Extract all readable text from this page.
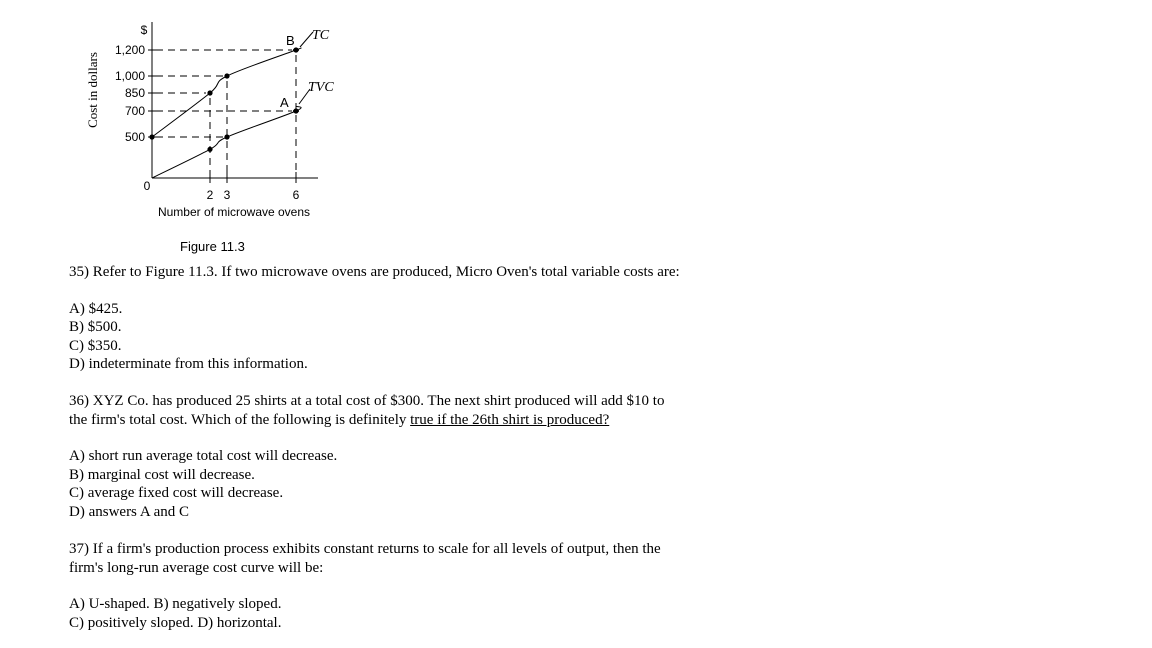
$
Cost in dollars
Number of microwave ovens
500
700
850
1,000
1,200
0
2 3	6
TC
TVC
B
A
Figure 11.3
35) Refer to Figure 11.3. If two microwave ovens are produced, Micro Oven's total variable costs are:
A) $425.
B) $500.
C) $350.
D) indeterminate from this information.
36) XYZ Co. has produced 25 shirts at a total cost of $300. The next shirt produced will add $10 to
the firm's total cost. Which of the following is definitely true if the 26th shirt is produced?
A) short run average total cost will decrease.
B) marginal cost will decrease.
C) average fixed cost will decrease.
D) answers A and C
37) If a firm's production process exhibits constant returns to scale for all levels of output, then the
firm's long-run average cost curve will be:
A) U-shaped. B) negatively sloped.
C) positively sloped. D) horizontal.
